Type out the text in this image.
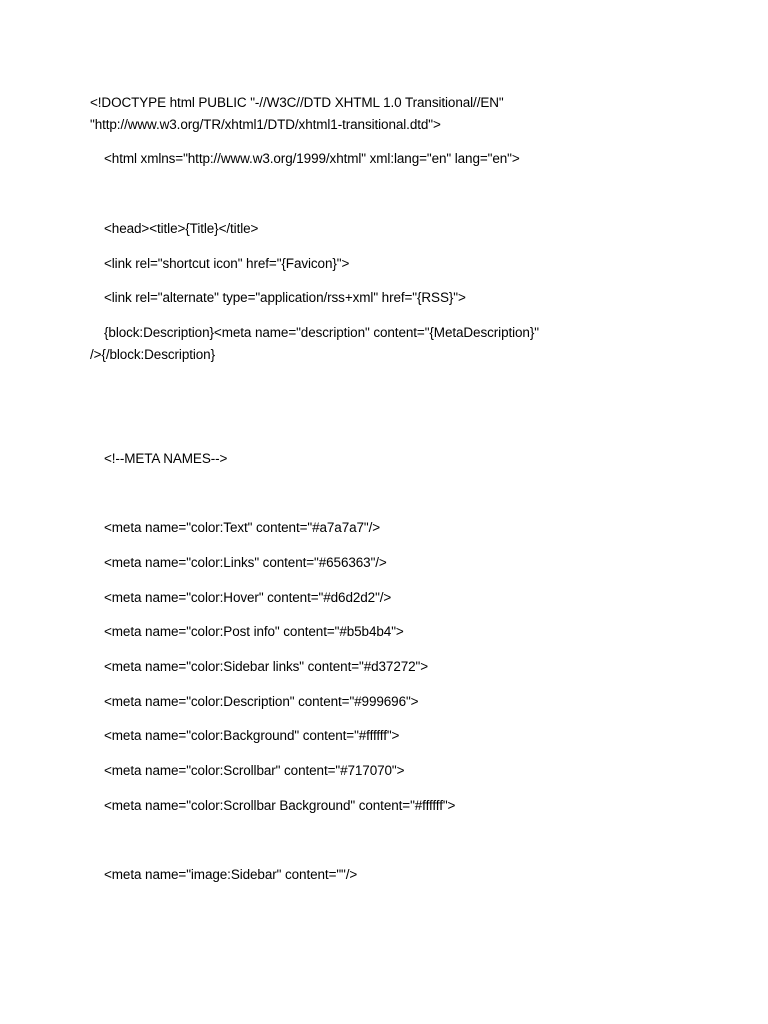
<!DOCTYPE html PUBLIC "-//W3C//DTD XHTML 1.0 Transitional//EN"
"http://www.w3.org/TR/xhtml1/DTD/xhtml1-transitional.dtd">
<html xmlns="http://www.w3.org/1999/xhtml" xml:lang="en" lang="en">
<head><title>{Title}</title>
<link rel="shortcut icon" href="{Favicon}">
<link rel="alternate" type="application/rss+xml" href="{RSS}">
{block:Description}<meta name="description" content="{MetaDescription}"
/>{/block:Description}
<!--META NAMES-->
<meta name="color:Text" content="#a7a7a7"/>
<meta name="color:Links" content="#656363"/>
<meta name="color:Hover" content="#d6d2d2"/>
<meta name="color:Post info" content="#b5b4b4">
<meta name="color:Sidebar links" content="#d37272">
<meta name="color:Description" content="#999696">
<meta name="color:Background" content="#ffffff">
<meta name="color:Scrollbar" content="#717070">
<meta name="color:Scrollbar Background" content="#ffffff">
<meta name="image:Sidebar" content=""/>
